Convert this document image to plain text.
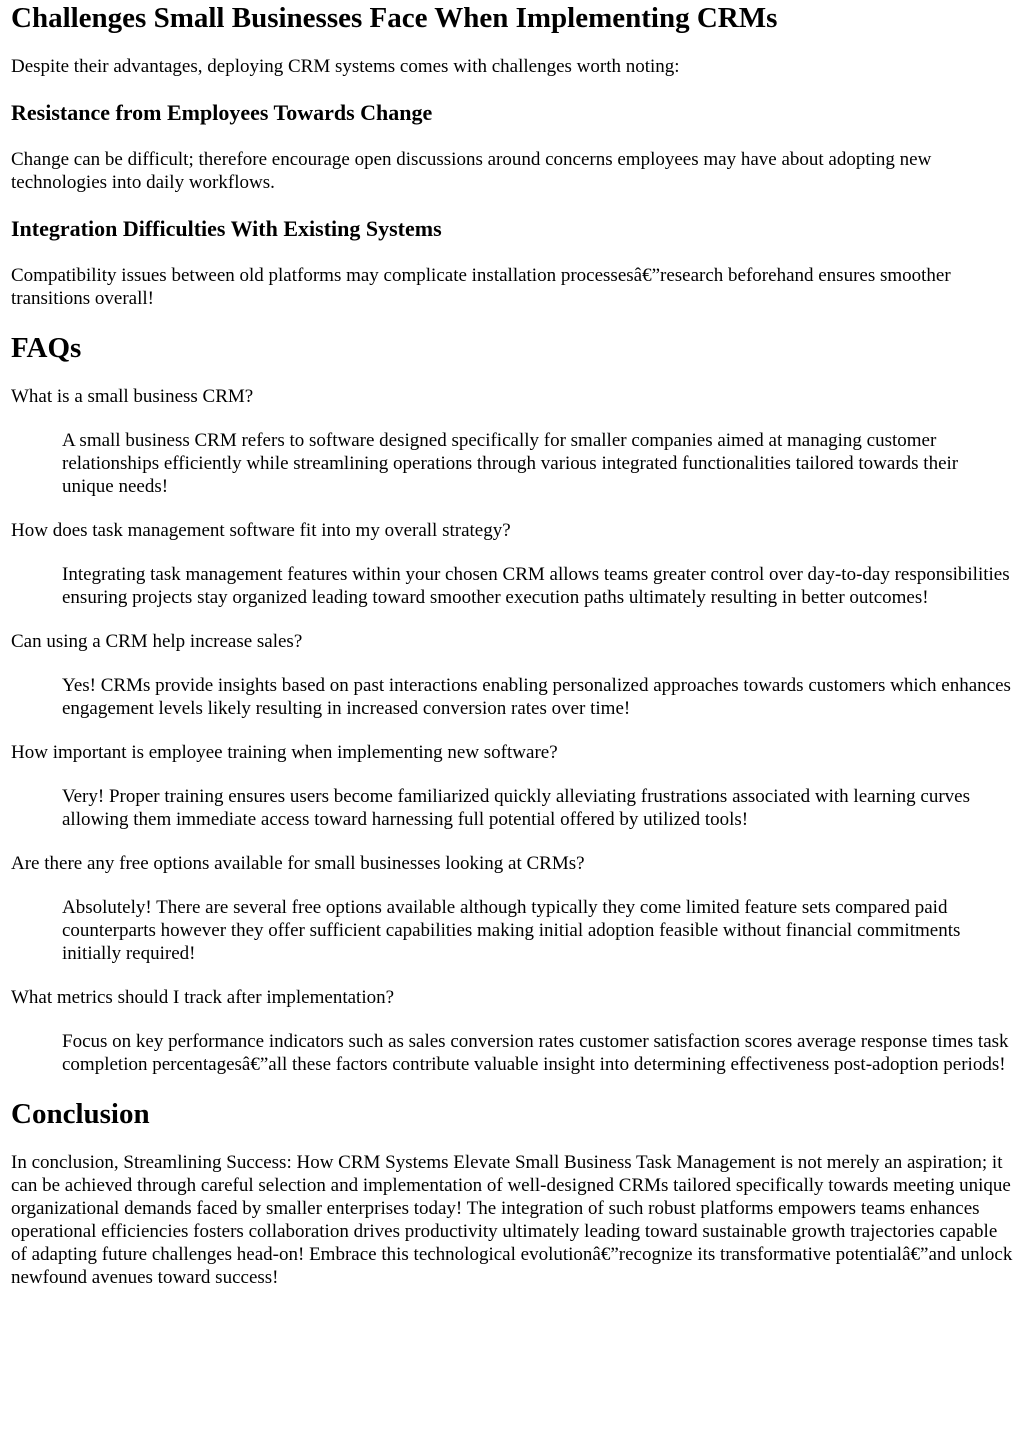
Challenges Small Businesses Face When Implementing CRMs

Despite their advantages, deploying CRM systems comes with challenges worth noting:

Resistance from Employees Towards Change

Change can be difficult; therefore encourage open discussions around concerns employees may have about adopting new technologies into daily workflows.

Integration Difficulties With Existing Systems

Compatibility issues between old platforms may complicate installation processesâ€”research beforehand ensures smoother transitions overall!

FAQs
What is a small business CRM?
A small business CRM refers to software designed specifically for smaller companies aimed at managing customer relationships efficiently while streamlining operations through various integrated functionalities tailored towards their unique needs!
How does task management software fit into my overall strategy?
Integrating task management features within your chosen CRM allows teams greater control over day-to-day responsibilities ensuring projects stay organized leading toward smoother execution paths ultimately resulting in better outcomes!
Can using a CRM help increase sales?
Yes! CRMs provide insights based on past interactions enabling personalized approaches towards customers which enhances engagement levels likely resulting in increased conversion rates over time!
How important is employee training when implementing new software?
Very! Proper training ensures users become familiarized quickly alleviating frustrations associated with learning curves allowing them immediate access toward harnessing full potential offered by utilized tools!
Are there any free options available for small businesses looking at CRMs?
Absolutely! There are several free options available although typically they come limited feature sets compared paid counterparts however they offer sufficient capabilities making initial adoption feasible without financial commitments initially required!
What metrics should I track after implementation?
Focus on key performance indicators such as sales conversion rates customer satisfaction scores average response times task completion percentagesâ€”all these factors contribute valuable insight into determining effectiveness post-adoption periods!
Conclusion

In conclusion, Streamlining Success: How CRM Systems Elevate Small Business Task Management is not merely an aspiration; it can be achieved through careful selection and implementation of well-designed CRMs tailored specifically towards meeting unique organizational demands faced by smaller enterprises today! The integration of such robust platforms empowers teams enhances operational efficiencies fosters collaboration drives productivity ultimately leading toward sustainable growth trajectories capable of adapting future challenges head-on! Embrace this technological evolutionâ€”recognize its transformative potentialâ€”and unlock newfound avenues toward success!
